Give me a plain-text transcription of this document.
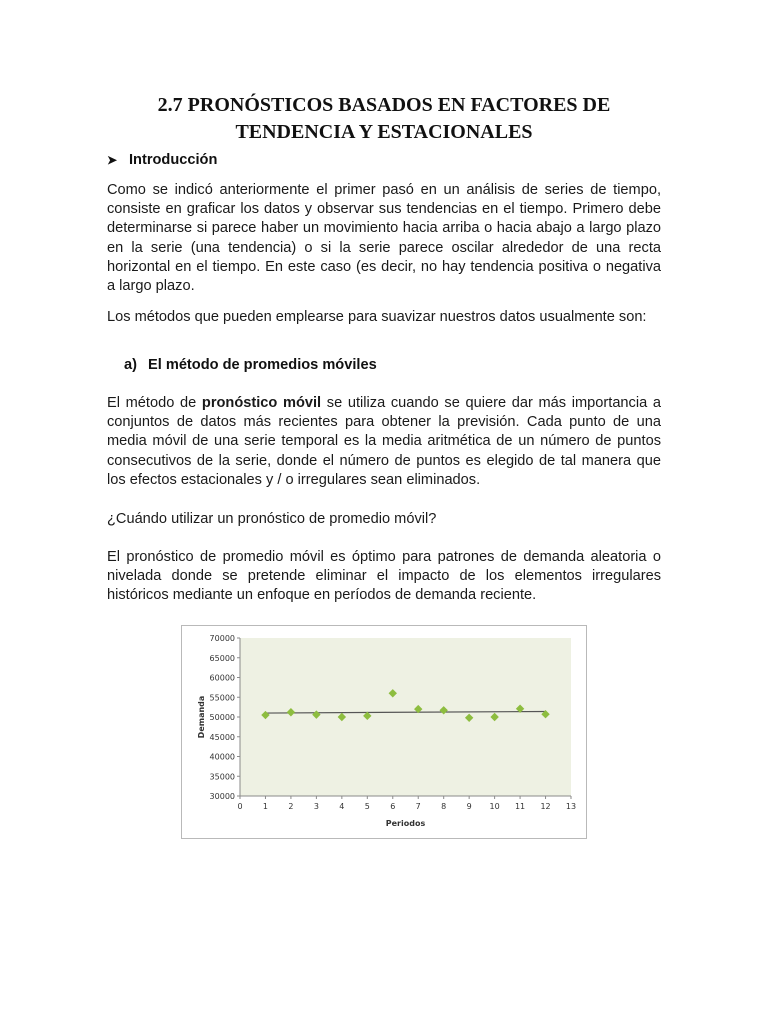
2.7 PRONÓSTICOS BASADOS EN FACTORES DE
TENDENCIA Y ESTACIONALES
➤ Introducción

Como se indicó anteriormente el primer pasó en un análisis de series de tiempo, consiste en graficar los datos y observar sus tendencias en el tiempo. Primero debe determinarse si parece haber un movimiento hacia arriba o hacia abajo a largo plazo en la serie (una tendencia) o si la serie parece oscilar alrededor de una recta horizontal en el tiempo. En este caso (es decir, no hay tendencia positiva o negativa a largo plazo.

Los métodos que pueden emplearse para suavizar nuestros datos usualmente son:

a) El método de promedios móviles

El método de pronóstico móvil se utiliza cuando se quiere dar más importancia a conjuntos de datos más recientes para obtener la previsión. Cada punto de una media móvil de una serie temporal es la media aritmética de un número de puntos consecutivos de la serie, donde el número de puntos es elegido de tal manera que los efectos estacionales y / o irregulares sean eliminados.

¿Cuándo utilizar un pronóstico de promedio móvil?

El pronóstico de promedio móvil es óptimo para patrones de demanda aleatoria o nivelada donde se pretende eliminar el impacto de los elementos irregulares históricos mediante un enfoque en períodos de demanda reciente.

30000
35000
40000
45000
50000
55000
60000
65000
70000
0	1	2	3	4	5	6	7	8	9 10 11 12 13
Periodos
Demanda
